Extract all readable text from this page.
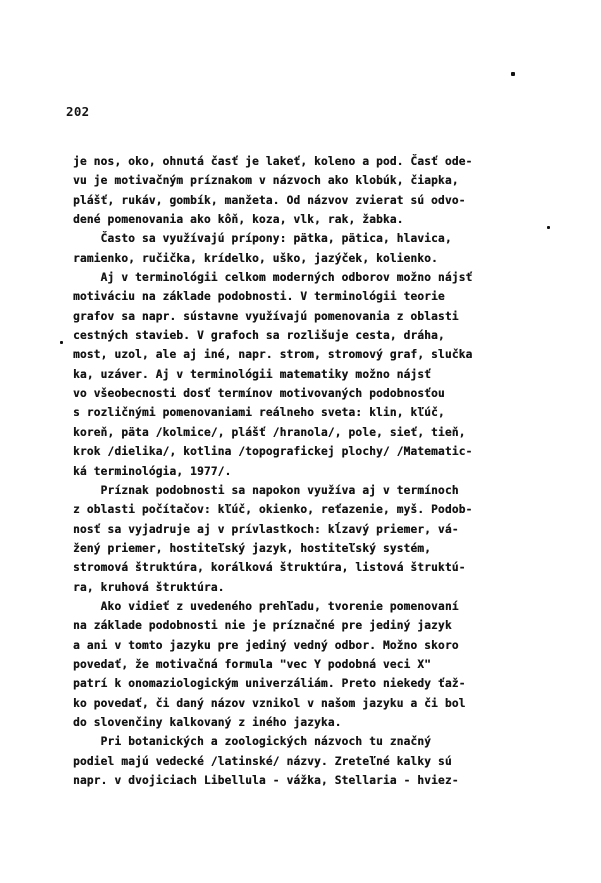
202
je nos, oko, ohnutá časť je lakeť, koleno a pod. Časť ode-
vu je motivačným príznakom v názvoch ako klobúk, čiapka,
plášť, rukáv, gombík, manžeta. Od názvov zvierat sú odvo-
dené pomenovania ako kôň, koza, vlk, rak, žabka.
Často sa využívajú prípony: pätka, pätica, hlavica,
ramienko, ručička, krídelko, uško, jazýček, kolienko.
Aj v terminológii celkom moderných odborov možno nájsť
motiváciu na základe podobnosti. V terminológii teorie
grafov sa napr. sústavne využívajú pomenovania z oblasti
cestných stavieb. V grafoch sa rozlišuje cesta, dráha,
most, uzol, ale aj iné, napr. strom, stromový graf, slučka
ka, uzáver. Aj v terminológii matematiky možno nájsť
vo všeobecnosti dosť termínov motivovaných podobnosťou
s rozličnými pomenovaniami reálneho sveta: klin, kľúč,
koreň, päta /kolmice/, plášť /hranola/, pole, sieť, tieň,
krok /dielika/, kotlina /topografickej plochy/ /Matematic-
ká terminológia, 1977/.
Príznak podobnosti sa napokon využíva aj v termínoch
z oblasti počítačov: kľúč, okienko, reťazenie, myš. Podob-
nosť sa vyjadruje aj v prívlastkoch: kĺzavý priemer, vá-
žený priemer, hostiteľský jazyk, hostiteľský systém,
stromová štruktúra, korálková štruktúra, listová štruktú-
ra, kruhová štruktúra.
Ako vidieť z uvedeného prehľadu, tvorenie pomenovaní
na základe podobnosti nie je príznačné pre jediný jazyk
a ani v tomto jazyku pre jediný vedný odbor. Možno skoro
povedať, že motivačná formula "vec Y podobná veci X"
patrí k onomaziologickým univerzáliám. Preto niekedy ťaž-
ko povedať, či daný názov vznikol v našom jazyku a či bol
do slovenčiny kalkovaný z iného jazyka.
Pri botanických a zoologických názvoch tu značný
podiel majú vedecké /latinské/ názvy. Zreteľné kalky sú
napr. v dvojiciach Libellula - vážka, Stellaria - hviez-
